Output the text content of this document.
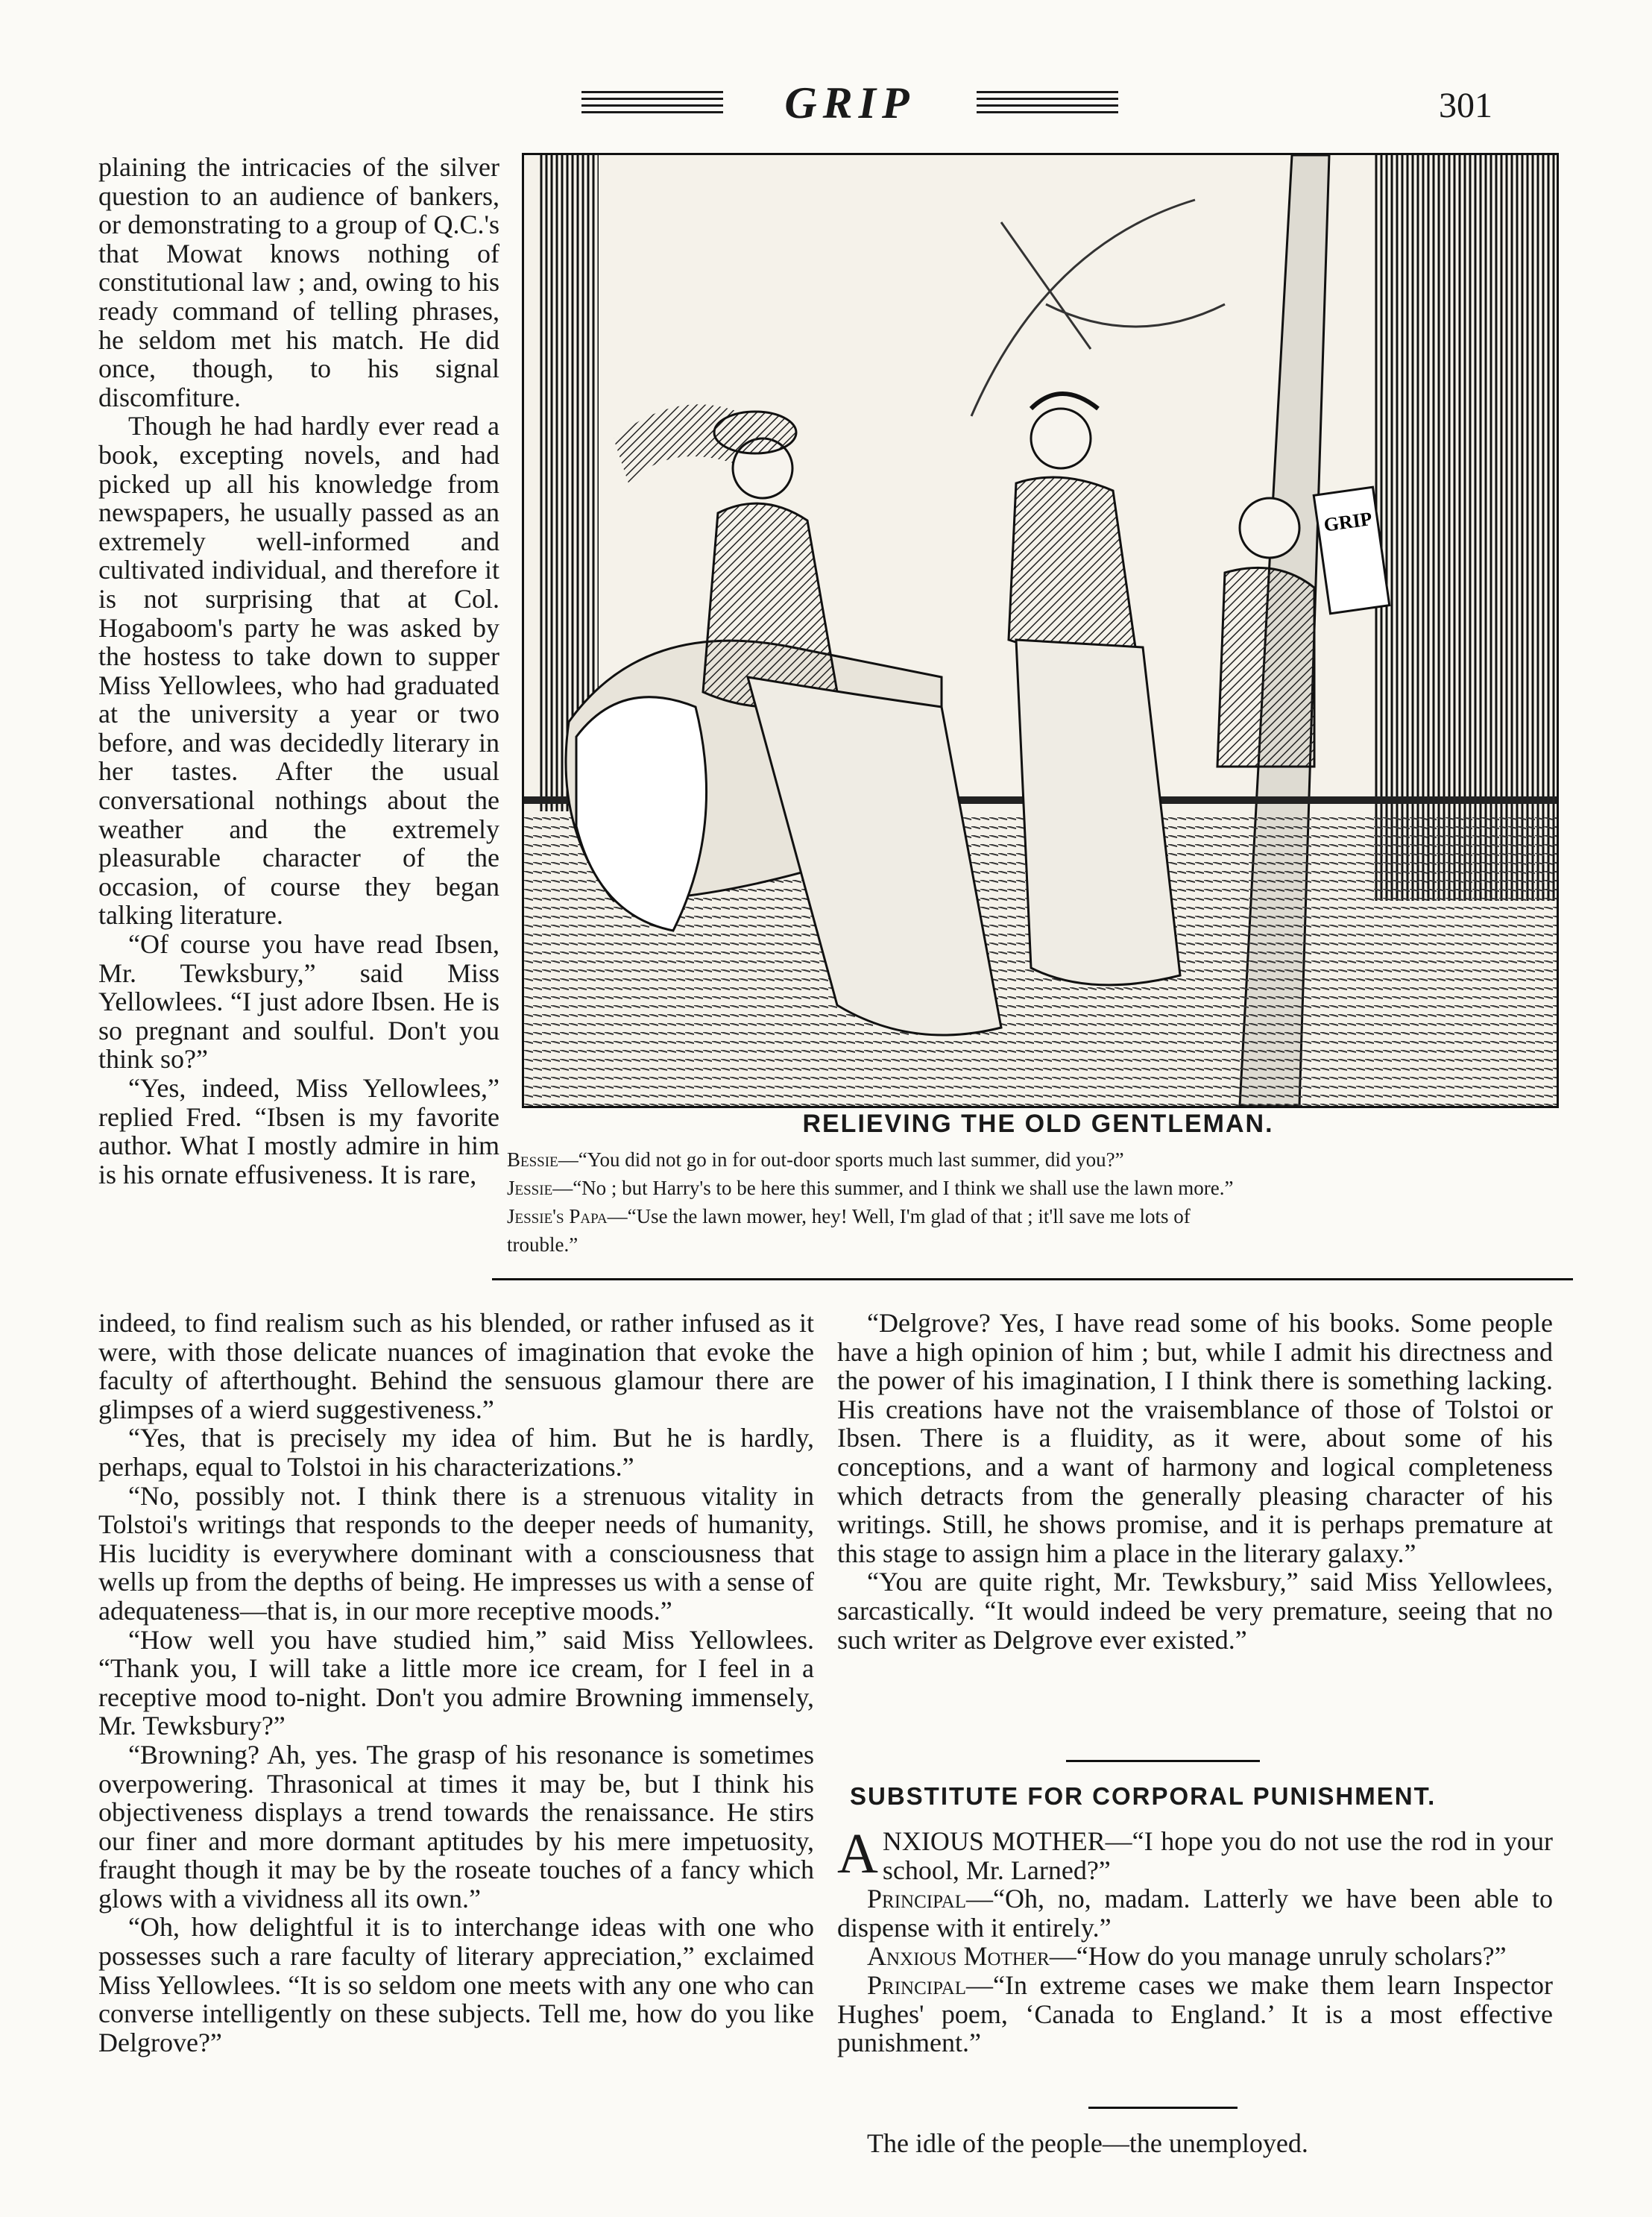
GRIP	301

plaining the intricacies of the silver question to an audience of bankers, or demonstrating to a group of Q.C.'s that Mowat knows nothing of constitutional law ; and, owing to his ready command of telling phrases, he seldom met his match. He did once, though, to his signal discomfiture.

Though he had hardly ever read a book, excepting novels, and had picked up all his knowledge from newspapers, he usually passed as an extremely well-informed and cultivated individual, and therefore it is not surprising that at Col. Hogaboom's party he was asked by the hostess to take down to supper Miss Yellowlees, who had graduated at the university a year or two before, and was decidedly literary in her tastes. After the usual conversational nothings about the weather and the extremely pleasurable character of the occasion, of course they began talking literature.

“Of course you have read Ibsen, Mr. Tewksbury,” said Miss Yellowlees. “I just adore Ibsen. He is so pregnant and soulful. Don't you think so?”

“Yes, indeed, Miss Yellowlees,” replied Fred. “Ibsen is my favorite author. What I mostly admire in him is his ornate effusiveness. It is rare,

GRIP
RELIEVING THE OLD GENTLEMAN.
Bessie—“You did not go in for out-door sports much last summer, did you?”
Jessie—“No ; but Harry's to be here this summer, and I think we shall use the lawn more.”
Jessie's Papa—“Use the lawn mower, hey! Well, I'm glad of that ; it'll save me lots of
trouble.”

indeed, to find realism such as his blended, or rather infused as it were, with those delicate nuances of imagination that evoke the faculty of afterthought. Behind the sensuous glamour there are glimpses of a wierd suggestiveness.”

“Yes, that is precisely my idea of him. But he is hardly, perhaps, equal to Tolstoi in his characterizations.”

“No, possibly not. I think there is a strenuous vitality in Tolstoi's writings that responds to the deeper needs of humanity, His lucidity is everywhere dominant with a consciousness that wells up from the depths of being. He impresses us with a sense of adequateness—that is, in our more receptive moods.”

“How well you have studied him,” said Miss Yellowlees. “Thank you, I will take a little more ice cream, for I feel in a receptive mood to-night. Don't you admire Browning immensely, Mr. Tewksbury?”

“Browning? Ah, yes. The grasp of his resonance is sometimes overpowering. Thrasonical at times it may be, but I think his objectiveness displays a trend towards the renaissance. He stirs our finer and more dormant aptitudes by his mere impetuosity, fraught though it may be by the roseate touches of a fancy which glows with a vividness all its own.”

“Oh, how delightful it is to interchange ideas with one who possesses such a rare faculty of literary appreciation,” exclaimed Miss Yellowlees. “It is so seldom one meets with any one who can converse intelligently on these subjects. Tell me, how do you like Delgrove?”

“Delgrove? Yes, I have read some of his books. Some people have a high opinion of him ; but, while I admit his directness and the power of his imagination, I I think there is something lacking. His creations have not the vraisemblance of those of Tolstoi or Ibsen. There is a fluidity, as it were, about some of his conceptions, and a want of harmony and logical completeness which detracts from the generally pleasing character of his writings. Still, he shows promise, and it is perhaps premature at this stage to assign him a place in the literary galaxy.”

“You are quite right, Mr. Tewksbury,” said Miss Yellowlees, sarcastically. “It would indeed be very premature, seeing that no such writer as Delgrove ever existed.”

SUBSTITUTE FOR CORPORAL PUNISHMENT.

ANXIOUS MOTHER—“I hope you do not use the rod in your school, Mr. Larned?”

Principal—“Oh, no, madam. Latterly we have been able to dispense with it entirely.”

Anxious Mother—“How do you manage unruly scholars?”

Principal—“In extreme cases we make them learn Inspector Hughes' poem, ‘Canada to England.’ It is a most effective punishment.”

The idle of the people—the unemployed.
